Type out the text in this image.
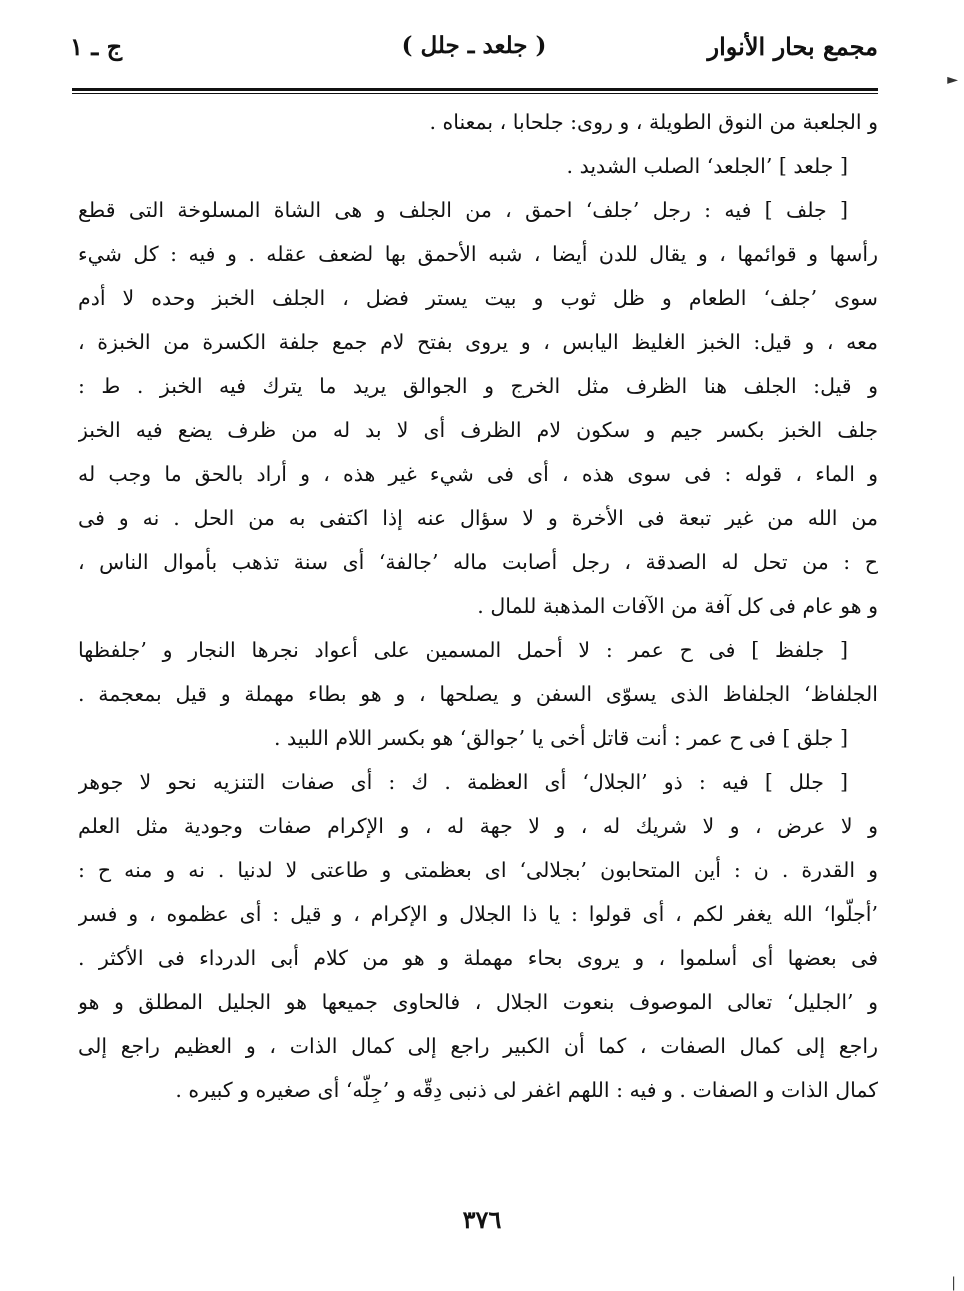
مجمع بحار الأنوار
( جلعد ـ جلل )
ج ـ ١
و الجلعبة من النوق الطويلة ، و روى: جلحابا ، بمعناه .
[ جلعد ] ’الجلعد‘ الصلب الشديد .
[ جلف ] فيه : رجل ’جلف‘ احمق ، من الجلف و هى الشاة المسلوخة التى قطع
رأسها و قوائمها ، و يقال للدن أيضا ، شبه الأحمق بها لضعف عقله . و فيه : كل شيء
سوى ’جلف‘ الطعام و ظل ثوب و بيت يستر فضل ، الجلف الخبز وحده لا أدم
معه ، و قيل: الخبز الغليظ اليابس ، و يروى بفتح لام جمع جلفة الكسرة من الخبزة ،
و قيل: الجلف هنا الظرف مثل الخرج و الجوالق يريد ما يترك فيه الخبز . ط :
جلف الخبز بكسر جيم و سكون لام الظرف أى لا بد له من ظرف يضع فيه الخبز
و الماء ، قوله : فى سوى هذه ، أى فى شيء غير هذه ، و أراد بالحق ما وجب له
من الله من غير تبعة فى الأخرة و لا سؤال عنه إذا اكتفى به من الحل . نه و فى
ح : من تحل له الصدقة ، رجل أصابت ماله ’جالفة‘ أى سنة تذهب بأموال الناس ،
و هو عام فى كل آفة من الآفات المذهبة للمال .
[ جلفظ ] فى ح عمر : لا أحمل المسمين على أعواد نجرها النجار و ’جلفظها
الجلفاظ‘ الجلفاظ الذى يسوّى السفن و يصلحها ، و هو بطاء مهملة و قيل بمعجمة .
[ جلق ] فى ح عمر : أنت قاتل أخى يا ’جوالق‘ هو بكسر اللام اللبيد .
[ جلل ] فيه : ذو ’الجلال‘ أى العظمة . ك : أى صفات التنزيه نحو لا جوهر
و لا عرض ، و لا شريك له ، و لا جهة له ، و الإكرام صفات وجودية مثل العلم
و القدرة . ن : أين المتحابون ’بجلالى‘ اى بعظمتى و طاعتى لا لدنيا . نه و منه ح :
’أجلّوا‘ الله يغفر لكم ، أى قولوا : يا ذا الجلال و الإكرام ، و قيل : أى عظموه ، و فسر
فى بعضها أى أسلموا ، و يروى بحاء مهملة و هو من كلام أبى الدرداء فى الأكثر .
و ’الجليل‘ تعالى الموصوف بنعوت الجلال ، فالحاوى جميعها هو الجليل المطلق و هو
راجع إلى كمال الصفات ، كما أن الكبير راجع إلى كمال الذات ، و العظيم راجع إلى
كمال الذات و الصفات . و فيه : اللهم اغفر لى ذنبى دِقّه و ’جِلّه‘ أى صغيره و كبيره .
٣٧٦
►
|
